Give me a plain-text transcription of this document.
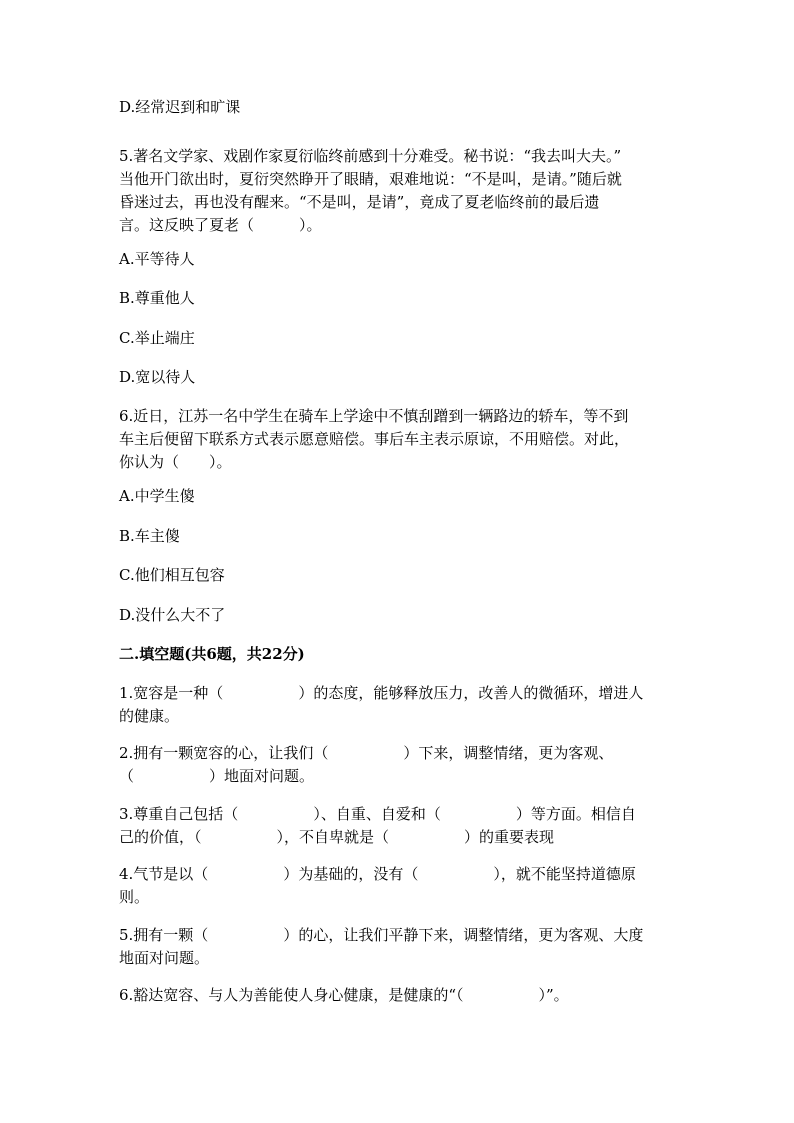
D.经常迟到和旷课
5.著名文学家、戏剧作家夏衍临终前感到十分难受。秘书说：“我去叫大夫。”
当他开门欲出时，夏衍突然睁开了眼睛，艰难地说：“不是叫，是请。”随后就
昏迷过去，再也没有醒来。“不是叫，是请”，竟成了夏老临终前的最后遗
言。这反映了夏老（　　　）。
A.平等待人
B.尊重他人
C.举止端庄
D.宽以待人
6.近日，江苏一名中学生在骑车上学途中不慎刮蹭到一辆路边的轿车，等不到
车主后便留下联系方式表示愿意赔偿。事后车主表示原谅，不用赔偿。对此，
你认为（　　）。
A.中学生傻
B.车主傻
C.他们相互包容
D.没什么大不了
二.填空题(共6题，共22分)
1.宽容是一种（　　　　　）的态度，能够释放压力，改善人的微循环，增进人
的健康。
2.拥有一颗宽容的心，让我们（　　　　　）下来，调整情绪，更为客观、
（　　　　　）地面对问题。
3.尊重自己包括（　　　　　）、自重、自爱和（　　　　　）等方面。相信自
己的价值，（　　　　　），不自卑就是（　　　　　）的重要表现
4.气节是以（　　　　　）为基础的，没有（　　　　　），就不能坚持道德原
则。
5.拥有一颗（　　　　　）的心，让我们平静下来，调整情绪，更为客观、大度
地面对问题。
6.豁达宽容、与人为善能使人身心健康，是健康的“（　　　　　）”。
